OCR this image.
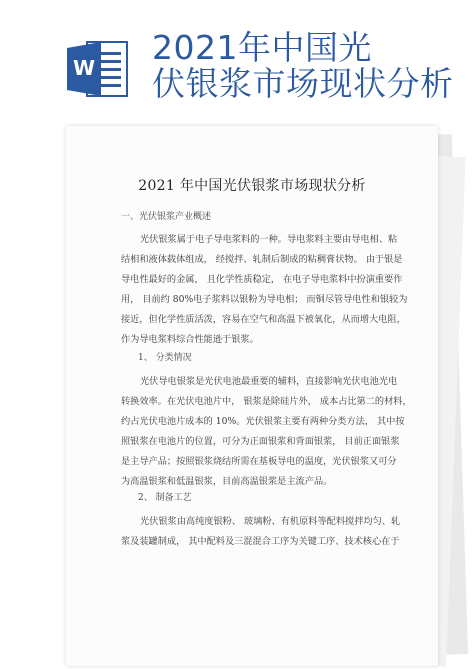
W
2021年中国光
伏银浆市场现状分析
2021 年中国光伏银浆市场现状分析
一、光伏银浆产业概述

光伏银浆属于电子导电浆料的一种。导电浆料主要由导电相、粘

结相和液体载体组成， 经搅拌、轧制后制成的粘稠膏状物。 由于银是

导电性最好的金属， 且化学性质稳定， 在电子导电浆料中扮演重要作

用， 目前约 80%电子浆料以银粉为导电相； 而铜尽管导电性和银较为

接近，但化学性质活泼，容易在空气和高温下被氧化，从而增大电阻，

作为导电浆料综合性能逊于银浆。

1、 分类情况

光伏导电银浆是光伏电池最重要的辅料，直接影响光伏电池光电

转换效率。在光伏电池片中， 银浆是除硅片外， 成本占比第二的材料，

约占光伏电池片成本的 10%。光伏银浆主要有两种分类方法， 其中按

照银浆在电池片的位置，可分为正面银浆和背面银浆， 目前正面银浆

是主导产品；按照银浆烧结所需在基板导电的温度，光伏银浆又可分

为高温银浆和低温银浆，目前高温银浆是主流产品。

2、 制备工艺

光伏银浆由高纯度银粉、 玻璃粉、有机原料等配料搅拌均匀、轧

浆及装罐制成， 其中配料及三混混合工序为关键工序、技术核心在于
